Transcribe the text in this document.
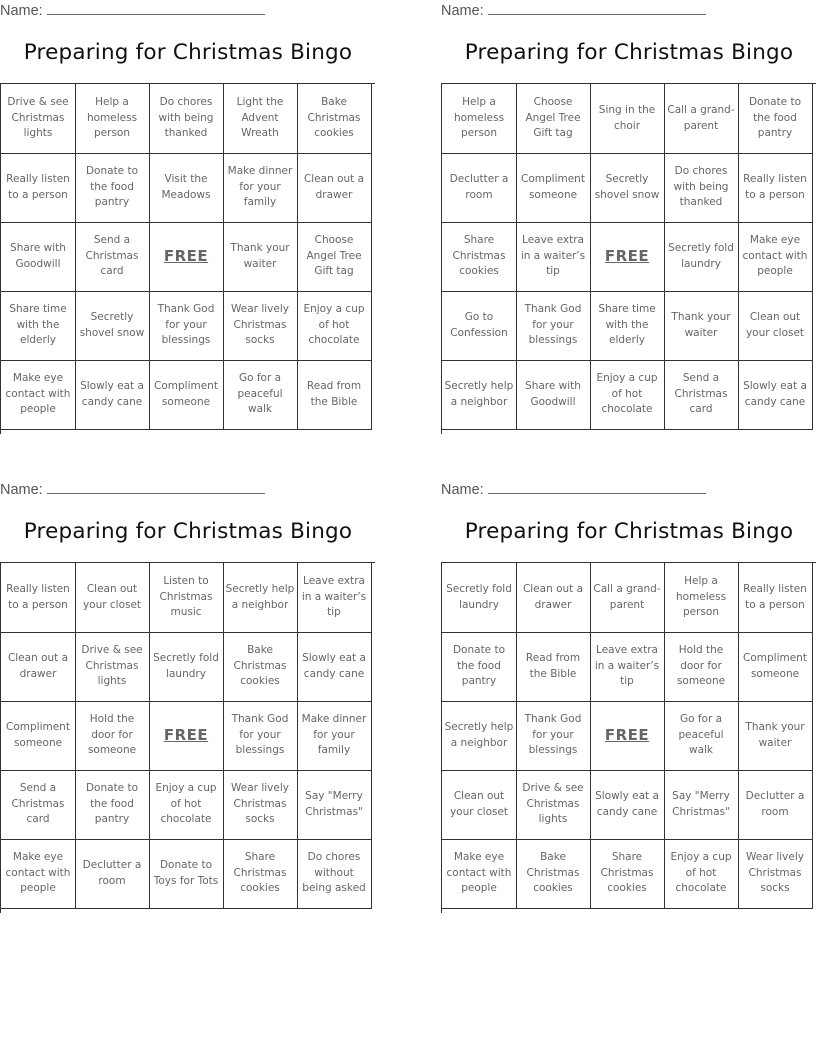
Name:
Preparing for Christmas Bingo
Drive & see Christmas lights
Help a homeless person
Do chores with being thanked
Light the Advent Wreath
Bake Christmas cookies
Really listen to a person
Donate to the food pantry
Visit the Meadows
Make dinner for your family
Clean out a drawer
Share with Goodwill
Send a Christmas card
FREE	Thank your waiter
Choose Angel Tree Gift tag
Share time with the elderly
Secretly shovel snow
Thank God for your blessings
Wear lively Christmas socks
Enjoy a cup of hot chocolate
Make eye contact with people
Slowly eat a candy cane
Compliment someone
Go for a peaceful walk
Read from the Bible
Name:
Preparing for Christmas Bingo
Help a homeless person
Choose Angel Tree Gift tag
Sing in the choir
Call a grand-parent
Donate to the food pantry
Declutter a room
Compliment someone
Secretly shovel snow
Do chores with being thanked
Really listen to a person
Share Christmas cookies
Leave extra in a waiter’s tip
FREE	Secretly fold laundry
Make eye contact with people
Go to Confession
Thank God for your blessings
Share time with the elderly
Thank your waiter
Clean out your closet
Secretly help a neighbor
Share with Goodwill
Enjoy a cup of hot chocolate
Send a Christmas card
Slowly eat a candy cane
Name:
Preparing for Christmas Bingo
Really listen to a person
Clean out your closet
Listen to Christmas music
Secretly help a neighbor
Leave extra in a waiter’s tip
Clean out a drawer
Drive & see Christmas lights
Secretly fold laundry
Bake Christmas cookies
Slowly eat a candy cane
Compliment someone
Hold the door for someone
FREE
Thank God for your blessings
Make dinner for your family
Send a Christmas card
Donate to the food pantry
Enjoy a cup of hot chocolate
Wear lively Christmas socks
Say "Merry Christmas"
Make eye contact with people
Declutter a room
Donate to Toys for Tots
Share Christmas cookies
Do chores without being asked
Name:
Preparing for Christmas Bingo
Secretly fold laundry
Clean out a drawer
Call a grand-parent
Help a homeless person
Really listen to a person
Donate to the food pantry
Read from the Bible
Leave extra in a waiter’s tip
Hold the door for someone
Compliment someone
Secretly help a neighbor
Thank God for your blessings
FREE
Go for a peaceful walk
Thank your waiter
Clean out your closet
Drive & see Christmas lights
Slowly eat a candy cane
Say "Merry Christmas"
Declutter a room
Make eye contact with people
Bake Christmas cookies
Share Christmas cookies
Enjoy a cup of hot chocolate
Wear lively Christmas socks
